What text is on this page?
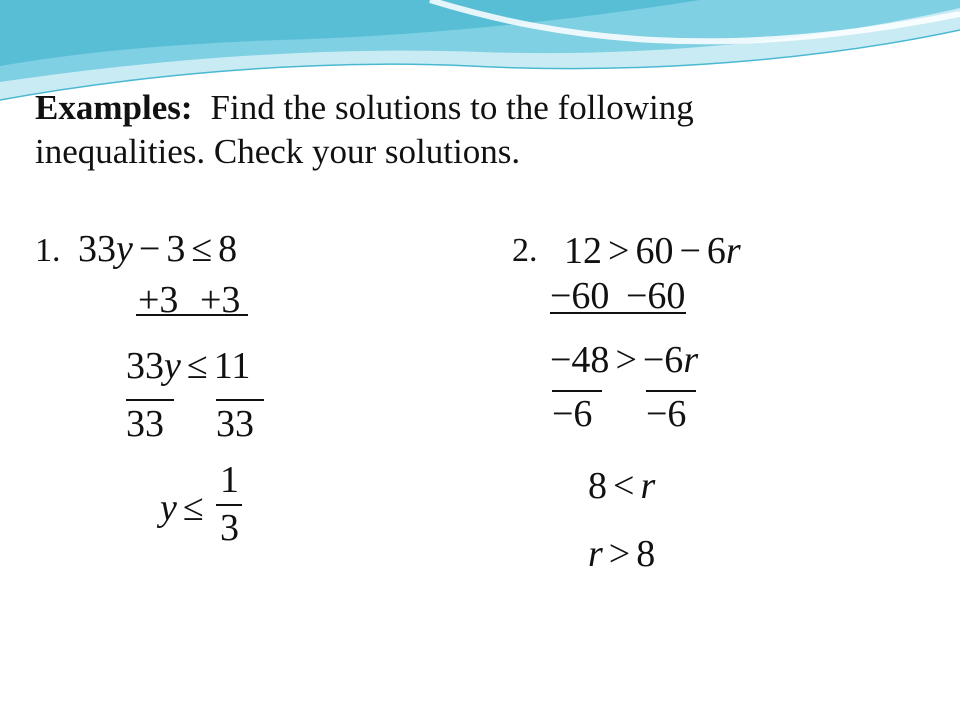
Examples: Find the solutions to the following
inequalities. Check your solutions.
1. 33y − 3 ≤ 8
+3 +3
33y ≤ 11
33 33
y ≤
1
3
2. 12 > 60 − 6r
−60 −60
−48 > −6r
−6 −6
8 < r
r > 8
